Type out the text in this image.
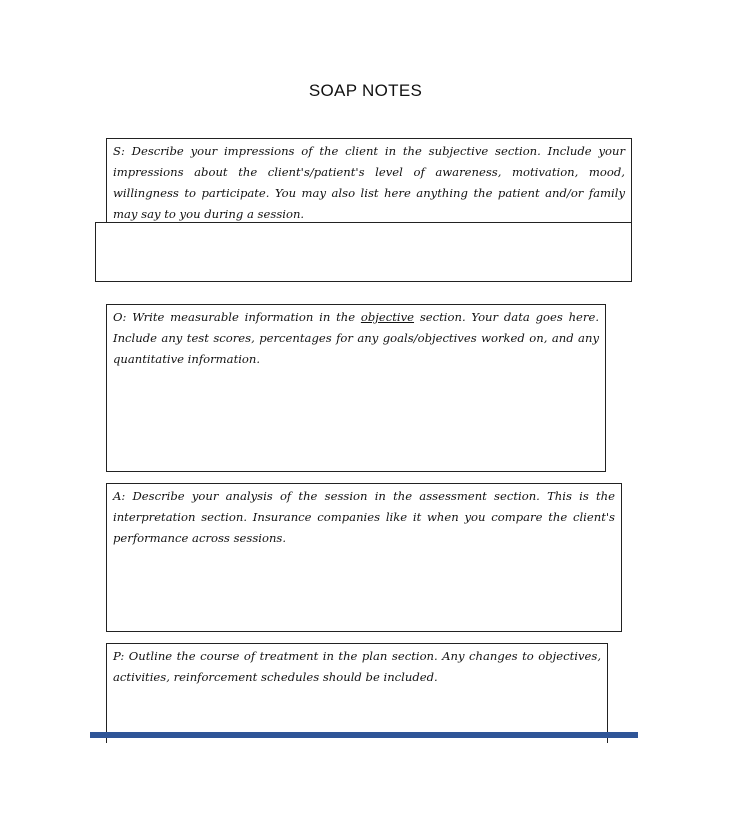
SOAP NOTES
S: Describe your impressions of the client in the subjective section. Include your impressions about the client's/patient's level of awareness, motivation, mood, willingness to participate. You may also list here anything the patient and/or family may say to you during a session.
O: Write measurable information in the objective section. Your data goes here. Include any test scores, percentages for any goals/objectives worked on, and any quantitative information.
A: Describe your analysis of the session in the assessment section. This is the interpretation section. Insurance companies like it when you compare the client's performance across sessions.
P: Outline the course of treatment in the plan section. Any changes to objectives, activities, reinforcement schedules should be included.
